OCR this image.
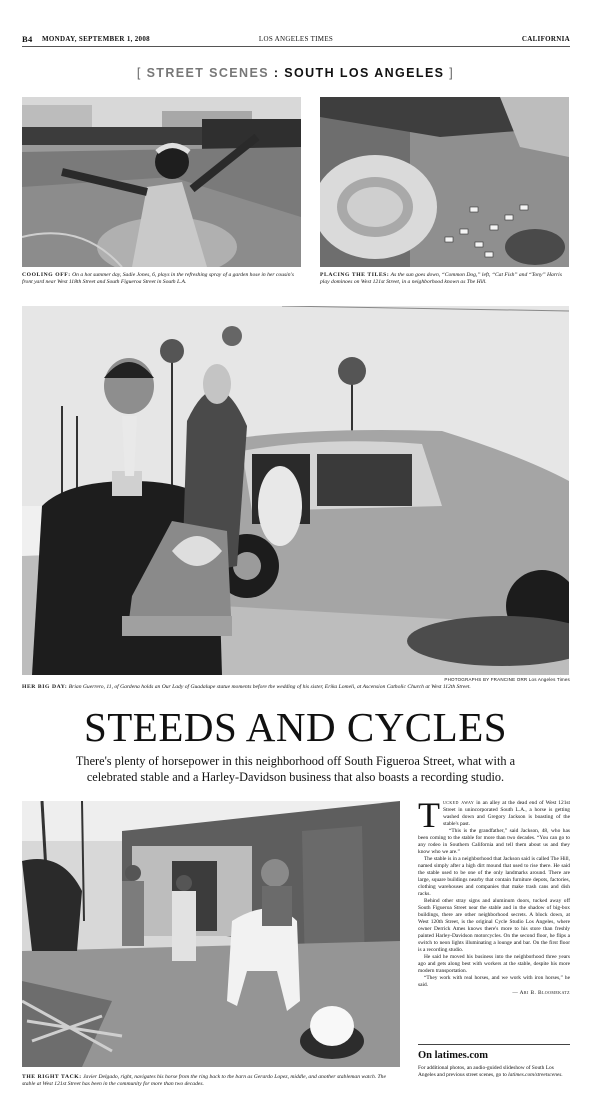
B4 MONDAY, SEPTEMBER 1, 2008	LOS ANGELES TIMES	CALIFORNIA
[ STREET SCENES : SOUTH LOS ANGELES ]
COOLING OFF: On a hot summer day, Sadie Jones, 6, plays in the refreshing spray of a garden hose in her cousin's front yard near West 118th Street and South Figueroa Street in South L.A.
PLACING THE TILES: As the sun goes down, “Common Dog,” left, “Cat Fish” and “Tony” Harris play dominoes on West 121st Street, in a neighborhood known as The Hill.
PHOTOGRAPHS BY FRANCINE ORR Los Angeles Times
HER BIG DAY: Brian Guerrero, 11, of Gardena holds an Our Lady of Guadalupe statue moments before the wedding of his sister, Erika Lomeli, at Ascension Catholic Church at West 112th Street.
STEEDS AND CYCLES
There's plenty of horsepower in this neighborhood off South Figueroa Street, what with a celebrated stable and a Harley-Davidson business that also boasts a recording studio.
THE RIGHT TACK: Javier Delgado, right, navigates his horse from the ring back to the barn as Gerardo Lopez, middle, and another stableman watch. The stable at West 121st Street has been in the community for more than two decades.

Tucked away in an alley at the dead end of West 121st Street in unincorporated South L.A., a horse is getting washed down and Gregory Jackson is boasting of the stable's past.

“This is the grandfather,” said Jackson, 48, who has been coming to the stable for more than two decades. “You can go to any rodeo in Southern California and tell them about us and they know who we are.”

The stable is in a neighborhood that Jackson said is called The Hill, named simply after a high dirt mound that used to rise there. He said the stable used to be one of the only landmarks around. There are large, square buildings nearby that contain furniture depots, factories, clothing warehouses and companies that make trash cans and dish racks.

Behind other stray signs and aluminum doors, tucked away off South Figueroa Street near the stable and in the shadow of big-box buildings, there are other neighborhood secrets. A block down, at West 120th Street, is the original Cycle Studio Los Angeles, where owner Derrick Ames knows there's more to his store than freshly painted Harley-Davidson motorcycles. On the second floor, he flips a switch to neon lights illuminating a lounge and bar. On the first floor is a recording studio.

He said he moved his business into the neighborhood three years ago and gets along best with workers at the stable, despite his more modern transportation.

“They work with real horses, and we work with iron horses,” he said.

— Ari B. Bloomekatz
On latimes.com
For additional photos, an audio-guided slideshow of South Los Angeles and previous street scenes, go to latimes.com/streetscenes.
